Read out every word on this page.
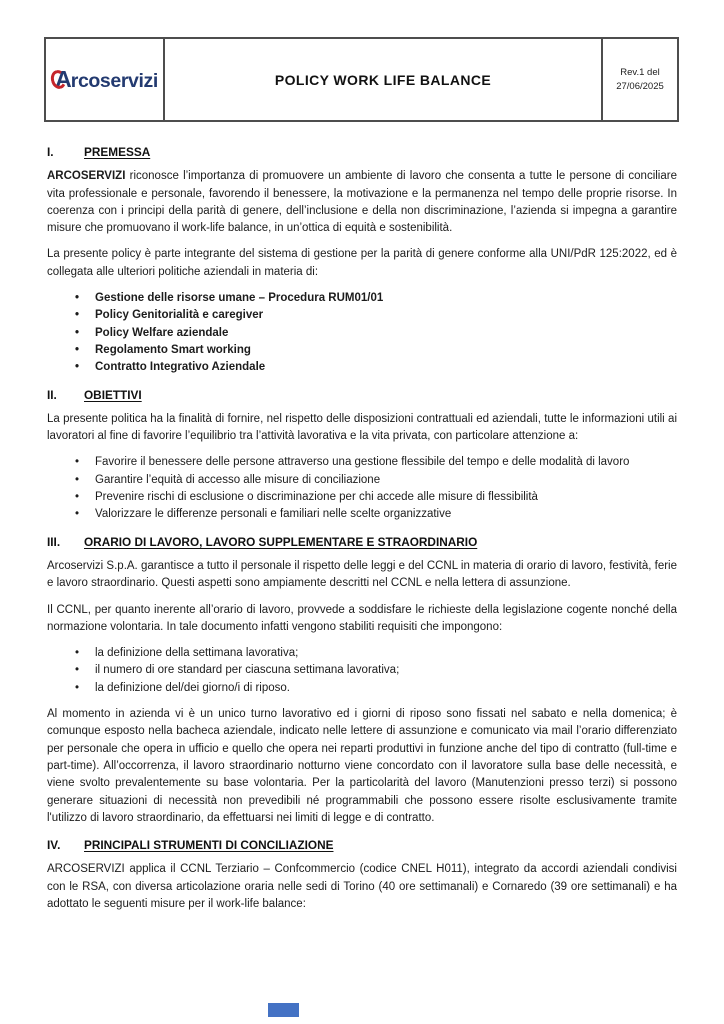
A rcoservizi	POLICY WORK LIFE BALANCE	Rev.1 del
27/06/2025
I.	PREMESSA

ARCOSERVIZI riconosce l’importanza di promuovere un ambiente di lavoro che consenta a tutte le persone di conciliare vita professionale e personale, favorendo il benessere, la motivazione e la permanenza nel tempo delle proprie risorse. In coerenza con i principi della parità di genere, dell’inclusione e della non discriminazione, l’azienda si impegna a garantire misure che promuovano il work-life balance, in un’ottica di equità e sostenibilità.

La presente policy è parte integrante del sistema di gestione per la parità di genere conforme alla UNI/PdR 125:2022, ed è collegata alle ulteriori politiche aziendali in materia di:

•	Gestione delle risorse umane – Procedura RUM01/01
•	Policy Genitorialità e caregiver
•	Policy Welfare aziendale
•	Regolamento Smart working
•	Contratto Integrativo Aziendale
II.	OBIETTIVI

La presente politica ha la finalità di fornire, nel rispetto delle disposizioni contrattuali ed aziendali, tutte le informazioni utili ai lavoratori al fine di favorire l’equilibrio tra l’attività lavorativa e la vita privata, con particolare attenzione a:

•	Favorire il benessere delle persone attraverso una gestione flessibile del tempo e delle modalità di lavoro
•	Garantire l’equità di accesso alle misure di conciliazione
•	Prevenire rischi di esclusione o discriminazione per chi accede alle misure di flessibilità
•	Valorizzare le differenze personali e familiari nelle scelte organizzative
III.	ORARIO DI LAVORO, LAVORO SUPPLEMENTARE E STRAORDINARIO

Arcoservizi S.p.A. garantisce a tutto il personale il rispetto delle leggi e del CCNL in materia di orario di lavoro, festività, ferie e lavoro straordinario. Questi aspetti sono ampiamente descritti nel CCNL e nella lettera di assunzione.

Il CCNL, per quanto inerente all’orario di lavoro, provvede a soddisfare le richieste della legislazione cogente nonché della normazione volontaria. In tale documento infatti vengono stabiliti requisiti che impongono:

•	la definizione della settimana lavorativa;
•	il numero di ore standard per ciascuna settimana lavorativa;
•	la definizione del/dei giorno/i di riposo.

Al momento in azienda vi è un unico turno lavorativo ed i giorni di riposo sono fissati nel sabato e nella domenica; è comunque esposto nella bacheca aziendale, indicato nelle lettere di assunzione e comunicato via mail l’orario differenziato per personale che opera in ufficio e quello che opera nei reparti produttivi in funzione anche del tipo di contratto (full-time e part-time). All’occorrenza, il lavoro straordinario notturno viene concordato con il lavoratore sulla base delle necessità, e viene svolto prevalentemente su base volontaria. Per la particolarità del lavoro (Manutenzioni presso terzi) si possono generare situazioni di necessità non prevedibili né programmabili che possono essere risolte esclusivamente tramite l'utilizzo di lavoro straordinario, da effettuarsi nei limiti di legge e di contratto.

IV.	PRINCIPALI STRUMENTI DI CONCILIAZIONE

ARCOSERVIZI applica il CCNL Terziario – Confcommercio (codice CNEL H011), integrato da accordi aziendali condivisi con le RSA, con diversa articolazione oraria nelle sedi di Torino (40 ore settimanali) e Cornaredo (39 ore settimanali) e ha adottato le seguenti misure per il work-life balance:
